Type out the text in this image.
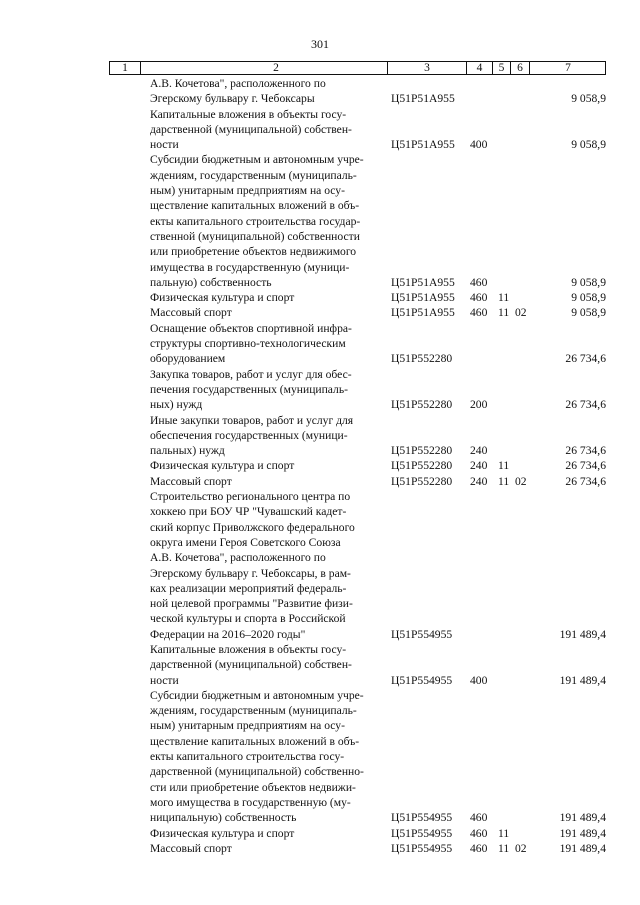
301
1	2	3	4	5	6	7
А.В. Кочетова", расположенного по
Эгерскому бульвару г. Чебоксары	Ц51Р51А955	9 058,9
Капитальные вложения в объекты госу-
дарственной (муниципальной) собствен-
ности	Ц51Р51А955 400	9 058,9
Субсидии бюджетным и автономным учре-
ждениям, государственным (муниципаль-
ным) унитарным предприятиям на осу-
ществление капитальных вложений в объ-
екты капитального строительства государ-
ственной (муниципальной) собственности
или приобретение объектов недвижимого
имущества в государственную (муници-
пальную) собственность	Ц51Р51А955 460	9 058,9
Физическая культура и спорт	Ц51Р51А955 460 11	9 058,9
Массовый спорт	Ц51Р51А955 460 11 02	9 058,9
Оснащение объектов спортивной инфра-
структуры спортивно-технологическим
оборудованием	Ц51Р552280	26 734,6
Закупка товаров, работ и услуг для обес-
печения государственных (муниципаль-
ных) нужд	Ц51Р552280 200	26 734,6
Иные закупки товаров, работ и услуг для
обеспечения государственных (муници-
пальных) нужд	Ц51Р552280 240	26 734,6
Физическая культура и спорт	Ц51Р552280 240 11	26 734,6
Массовый спорт	Ц51Р552280 240 11 02	26 734,6
Строительство регионального центра по
хоккею при БОУ ЧР "Чувашский кадет-
ский корпус Приволжского федерального
округа имени Героя Советского Союза
А.В. Кочетова", расположенного по
Эгерскому бульвару г. Чебоксары, в рам-
ках реализации мероприятий федераль-
ной целевой программы "Развитие физи-
ческой культуры и спорта в Российской
Федерации на 2016–2020 годы"	Ц51Р554955	191 489,4
Капитальные вложения в объекты госу-
дарственной (муниципальной) собствен-
ности	Ц51Р554955 400	191 489,4
Субсидии бюджетным и автономным учре-
ждениям, государственным (муниципаль-
ным) унитарным предприятиям на осу-
ществление капитальных вложений в объ-
екты капитального строительства госу-
дарственной (муниципальной) собственно-
сти или приобретение объектов недвижи-
мого имущества в государственную (му-
ниципальную) собственность	Ц51Р554955 460	191 489,4
Физическая культура и спорт	Ц51Р554955 460 11	191 489,4
Массовый спорт	Ц51Р554955 460 11 02	191 489,4
